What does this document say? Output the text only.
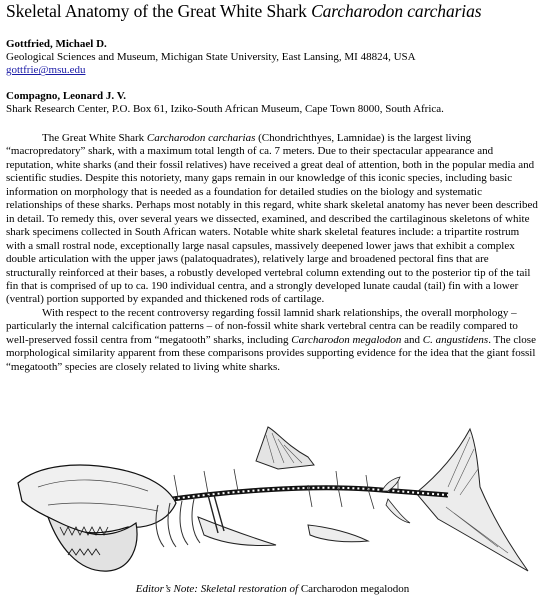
Skeletal Anatomy of the Great White Shark Carcharodon carcharias
Gottfried, Michael D.
Geological Sciences and Museum, Michigan State University, East Lansing, MI 48824, USA
gottfrie@msu.edu
Compagno, Leonard J. V.
Shark Research Center, P.O. Box 61, Iziko-South African Museum, Cape Town 8000, South Africa.

The Great White Shark Carcharodon carcharias (Chondrichthyes, Lamnidae) is the largest living “macropredatory” shark, with a maximum total length of ca. 7 meters. Due to their spectacular appearance and reputation, white sharks (and their fossil relatives) have received a great deal of attention, both in the popular media and scientific studies. Despite this notoriety, many gaps remain in our knowledge of this iconic species, including basic information on morphology that is needed as a foundation for detailed studies on the biology and systematic relationships of these sharks. Perhaps most notably in this regard, white shark skeletal anatomy has never been described in detail. To remedy this, over several years we dissected, examined, and described the cartilaginous skeletons of white shark specimens collected in South African waters. Notable white shark skeletal features include: a tripartite rostrum with a small rostral node, exceptionally large nasal capsules, massively deepened lower jaws that exhibit a complex double articulation with the upper jaws (palatoquadrates), relatively large and broadened pectoral fins that are structurally reinforced at their bases, a robustly developed vertebral column extending out to the posterior tip of the tail fin that is comprised of up to ca. 190 individual centra, and a strongly developed lunate caudal (tail) fin with a lower (ventral) portion supported by expanded and thickened rods of cartilage.

With respect to the recent controversy regarding fossil lamnid shark relationships, the overall morphology – particularly the internal calcification patterns – of non-fossil white shark vertebral centra can be readily compared to well-preserved fossil centra from “megatooth” sharks, including Carcharodon megalodon and C. angustidens. The close morphological similarity apparent from these comparisons provides supporting evidence for the idea that the giant fossil “megatooth” species are closely related to living white sharks.

Editor’s Note: Skeletal restoration of Carcharodon megalodon
